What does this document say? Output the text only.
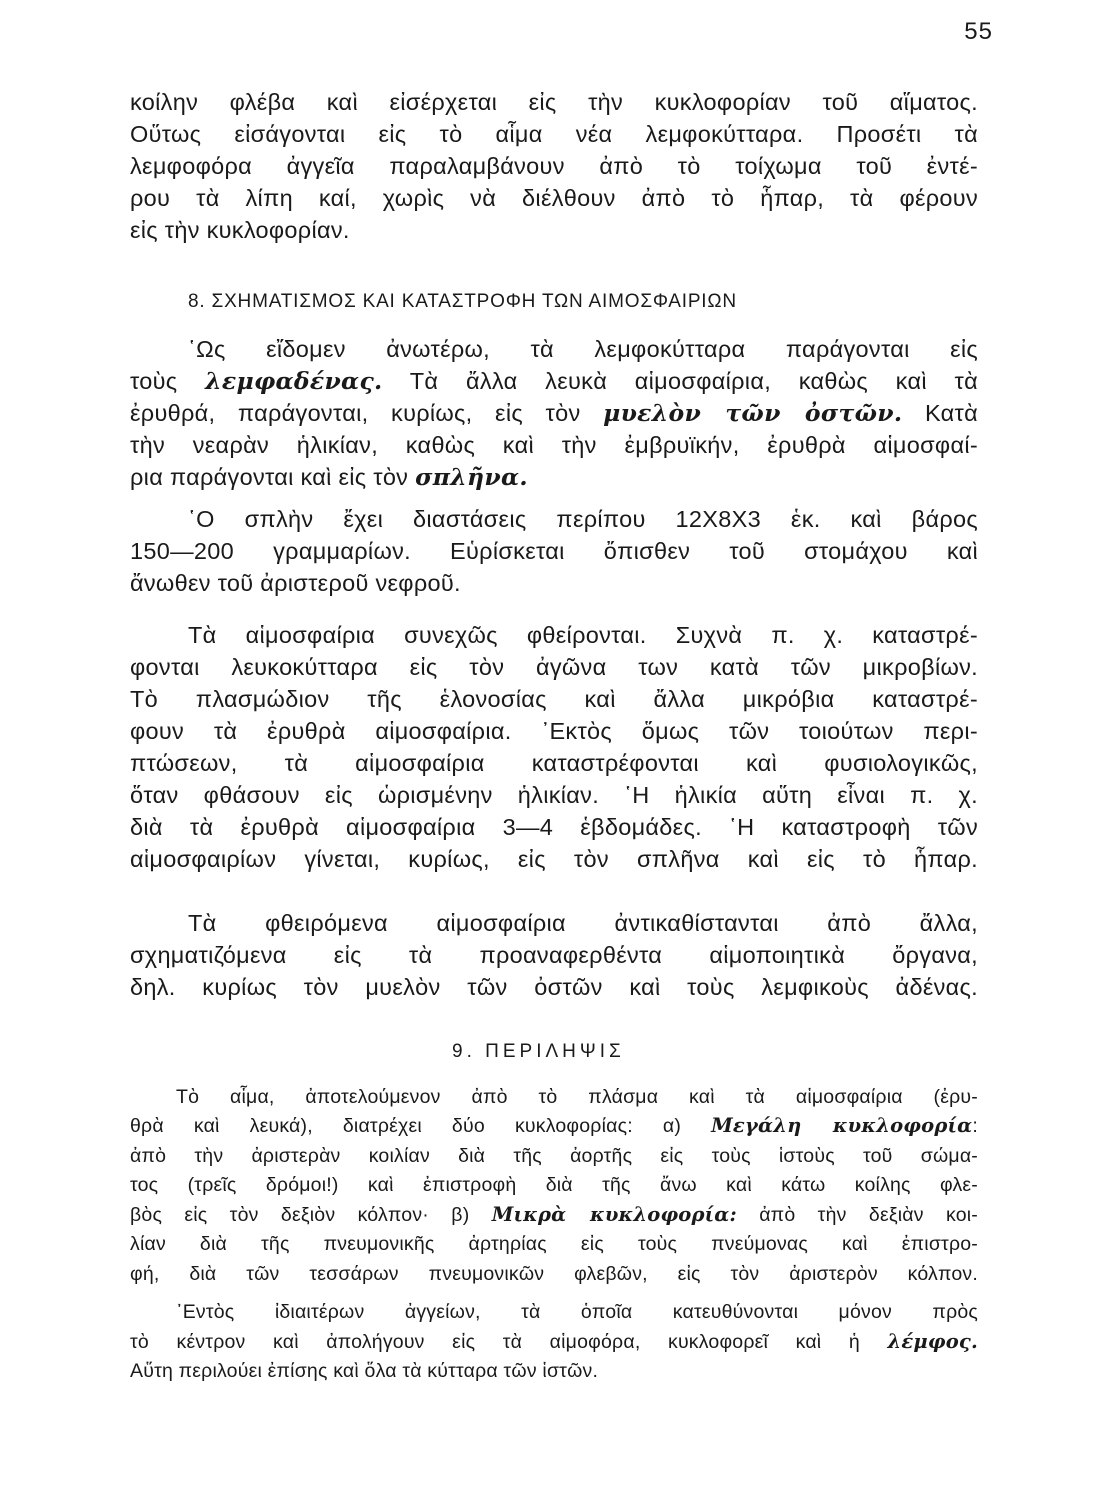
55
κοίλην φλέβα καὶ εἰσέρχεται εἰς τὴν κυκλοφορίαν τοῦ αἵματος.
Οὕτως εἰσάγονται εἰς τὸ αἷμα νέα λεμφοκύτταρα. Προσέτι τὰ
λεμφοφόρα ἀγγεῖα παραλαμβάνουν ἀπὸ τὸ τοίχωμα τοῦ ἐντέ-
ρου τὰ λίπη καί, χωρὶς νὰ διέλθουν ἀπὸ τὸ ἧπαρ, τὰ φέρουν
εἰς τὴν κυκλοφορίαν.
8. ΣΧΗΜΑΤΙΣΜΟΣ ΚΑΙ ΚΑΤΑΣΤΡΟΦΗ ΤΩΝ ΑΙΜΟΣΦΑΙΡΙΩΝ
῾Ως εἴδομεν ἀνωτέρω, τὰ λεμφοκύτταρα παράγονται εἰς
τοὺς λεμφαδένας. Τὰ ἄλλα λευκὰ αἱμοσφαίρια, καθὼς καὶ τὰ
ἐρυθρά, παράγονται, κυρίως, εἰς τὸν μυελὸν τῶν ὀστῶν. Κατὰ
τὴν νεαρὰν ἡλικίαν, καθὼς καὶ τὴν ἐμβρυϊκήν, ἐρυθρὰ αἱμοσφαί-
ρια παράγονται καὶ εἰς τὸν σπλῆνα.
῾Ο σπλὴν ἔχει διαστάσεις περίπου 12Χ8Χ3 ἑκ. καὶ βάρος
150—200 γραμμαρίων. Εὑρίσκεται ὄπισθεν τοῦ στομάχου καὶ
ἄνωθεν τοῦ ἀριστεροῦ νεφροῦ.
Τὰ αἱμοσφαίρια συνεχῶς φθείρονται. Συχνὰ π. χ. καταστρέ-
φονται λευκοκύτταρα εἰς τὸν ἀγῶνα των κατὰ τῶν μικροβίων.
Τὸ πλασμώδιον τῆς ἑλονοσίας καὶ ἄλλα μικρόβια καταστρέ-
φουν τὰ ἐρυθρὰ αἱμοσφαίρια. ᾿Εκτὸς ὅμως τῶν τοιούτων περι-
πτώσεων, τὰ αἱμοσφαίρια καταστρέφονται καὶ φυσιολογικῶς,
ὅταν φθάσουν εἰς ὡρισμένην ἡλικίαν. ῾Η ἡλικία αὕτη εἶναι π. χ.
διὰ τὰ ἐρυθρὰ αἱμοσφαίρια 3—4 ἑβδομάδες. ῾Η καταστροφὴ τῶν
αἱμοσφαιρίων γίνεται, κυρίως, εἰς τὸν σπλῆνα καὶ εἰς τὸ ἧπαρ.
Τὰ φθειρόμενα αἱμοσφαίρια ἀντικαθίστανται ἀπὸ ἄλλα,
σχηματιζόμενα εἰς τὰ προαναφερθέντα αἱμοποιητικὰ ὄργανα,
δηλ. κυρίως τὸν μυελὸν τῶν ὀστῶν καὶ τοὺς λεμφικοὺς ἀδένας.
9. ΠΕΡΙΛΗΨΙΣ
Τὸ αἷμα, ἀποτελούμενον ἀπὸ τὸ πλάσμα καὶ τὰ αἱμοσφαίρια (ἐρυ-
θρὰ καὶ λευκά), διατρέχει δύο κυκλοφορίας: α) Μεγάλη κυκλοφορία:
ἀπὸ τὴν ἀριστερὰν κοιλίαν διὰ τῆς ἀορτῆς εἰς τοὺς ἱστοὺς τοῦ σώμα-
τος (τρεῖς δρόμοι!) καὶ ἐπιστροφὴ διὰ τῆς ἄνω καὶ κάτω κοίλης φλε-
βὸς εἰς τὸν δεξιὸν κόλπον· β) Μικρὰ κυκλοφορία: ἀπὸ τὴν δεξιὰν κοι-
λίαν διὰ τῆς πνευμονικῆς ἀρτηρίας εἰς τοὺς πνεύμονας καὶ ἐπιστρο-
φή, διὰ τῶν τεσσάρων πνευμονικῶν φλεβῶν, εἰς τὸν ἀριστερὸν κόλπον.
᾿Εντὸς ἰδιαιτέρων ἀγγείων, τὰ ὁποῖα κατευθύνονται μόνον πρὸς
τὸ κέντρον καὶ ἀπολήγουν εἰς τὰ αἱμοφόρα, κυκλοφορεῖ καὶ ἡ λέμφος.
Αὕτη περιλούει ἐπίσης καὶ ὅλα τὰ κύτταρα τῶν ἱστῶν.
